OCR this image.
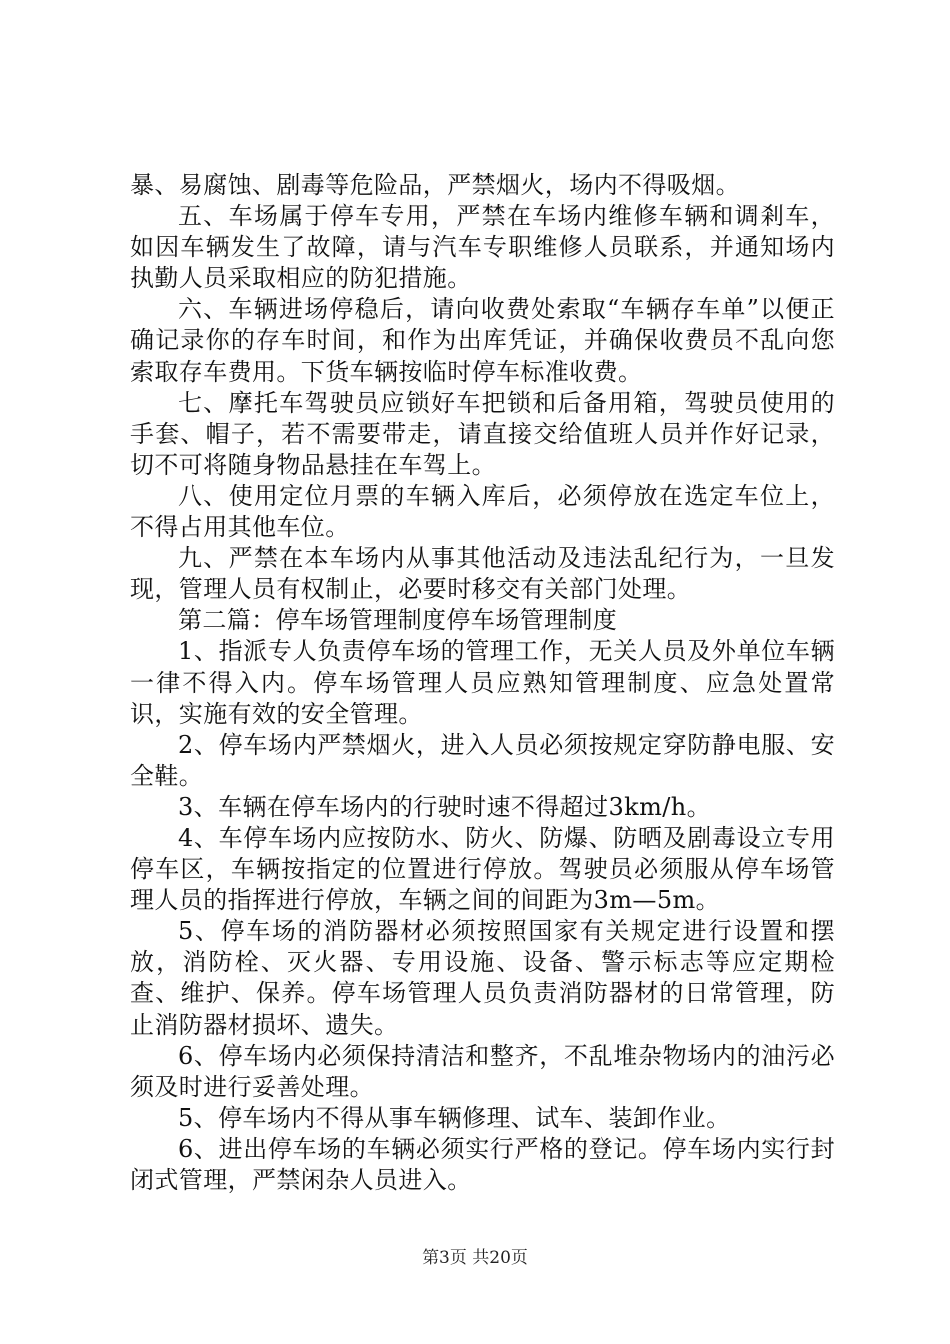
暴、易腐蚀、剧毒等危险品，严禁烟火，场内不得吸烟。

五、车场属于停车专用，严禁在车场内维修车辆和调剎车，如因车辆发生了故障，请与汽车专职维修人员联系，并通知场内执勤人员采取相应的防犯措施。

六、车辆进场停稳后，请向收费处索取“车辆存车单”以便正确记录你的存车时间，和作为出库凭证，并确保收费员不乱向您索取存车费用。下货车辆按临时停车标准收费。

七、摩托车驾驶员应锁好车把锁和后备用箱，驾驶员使用的手套、帽子，若不需要带走，请直接交给值班人员并作好记录，切不可将随身物品悬挂在车驾上。

八、使用定位月票的车辆入库后，必须停放在选定车位上，不得占用其他车位。

九、严禁在本车场内从事其他活动及违法乱纪行为，一旦发现，管理人员有权制止，必要时移交有关部门处理。

第二篇：停车场管理制度停车场管理制度

1、指派专人负责停车场的管理工作，无关人员及外单位车辆一律不得入内。停车场管理人员应熟知管理制度、应急处置常识，实施有效的安全管理。

2、停车场内严禁烟火，进入人员必须按规定穿防静电服、安全鞋。

3、车辆在停车场内的行驶时速不得超过3km/h。

4、车停车场内应按防水、防火、防爆、防晒及剧毒设立专用停车区，车辆按指定的位置进行停放。驾驶员必须服从停车场管理人员的指挥进行停放，车辆之间的间距为3m—5m。

5、停车场的消防器材必须按照国家有关规定进行设置和摆放，消防栓、灭火器、专用设施、设备、警示标志等应定期检查、维护、保养。停车场管理人员负责消防器材的日常管理，防止消防器材损坏、遗失。

6、停车场内必须保持清洁和整齐，不乱堆杂物场内的油污必须及时进行妥善处理。

5、停车场内不得从事车辆修理、试车、装卸作业。

6、进出停车场的车辆必须实行严格的登记。停车场内实行封闭式管理，严禁闲杂人员进入。

第3页 共20页
